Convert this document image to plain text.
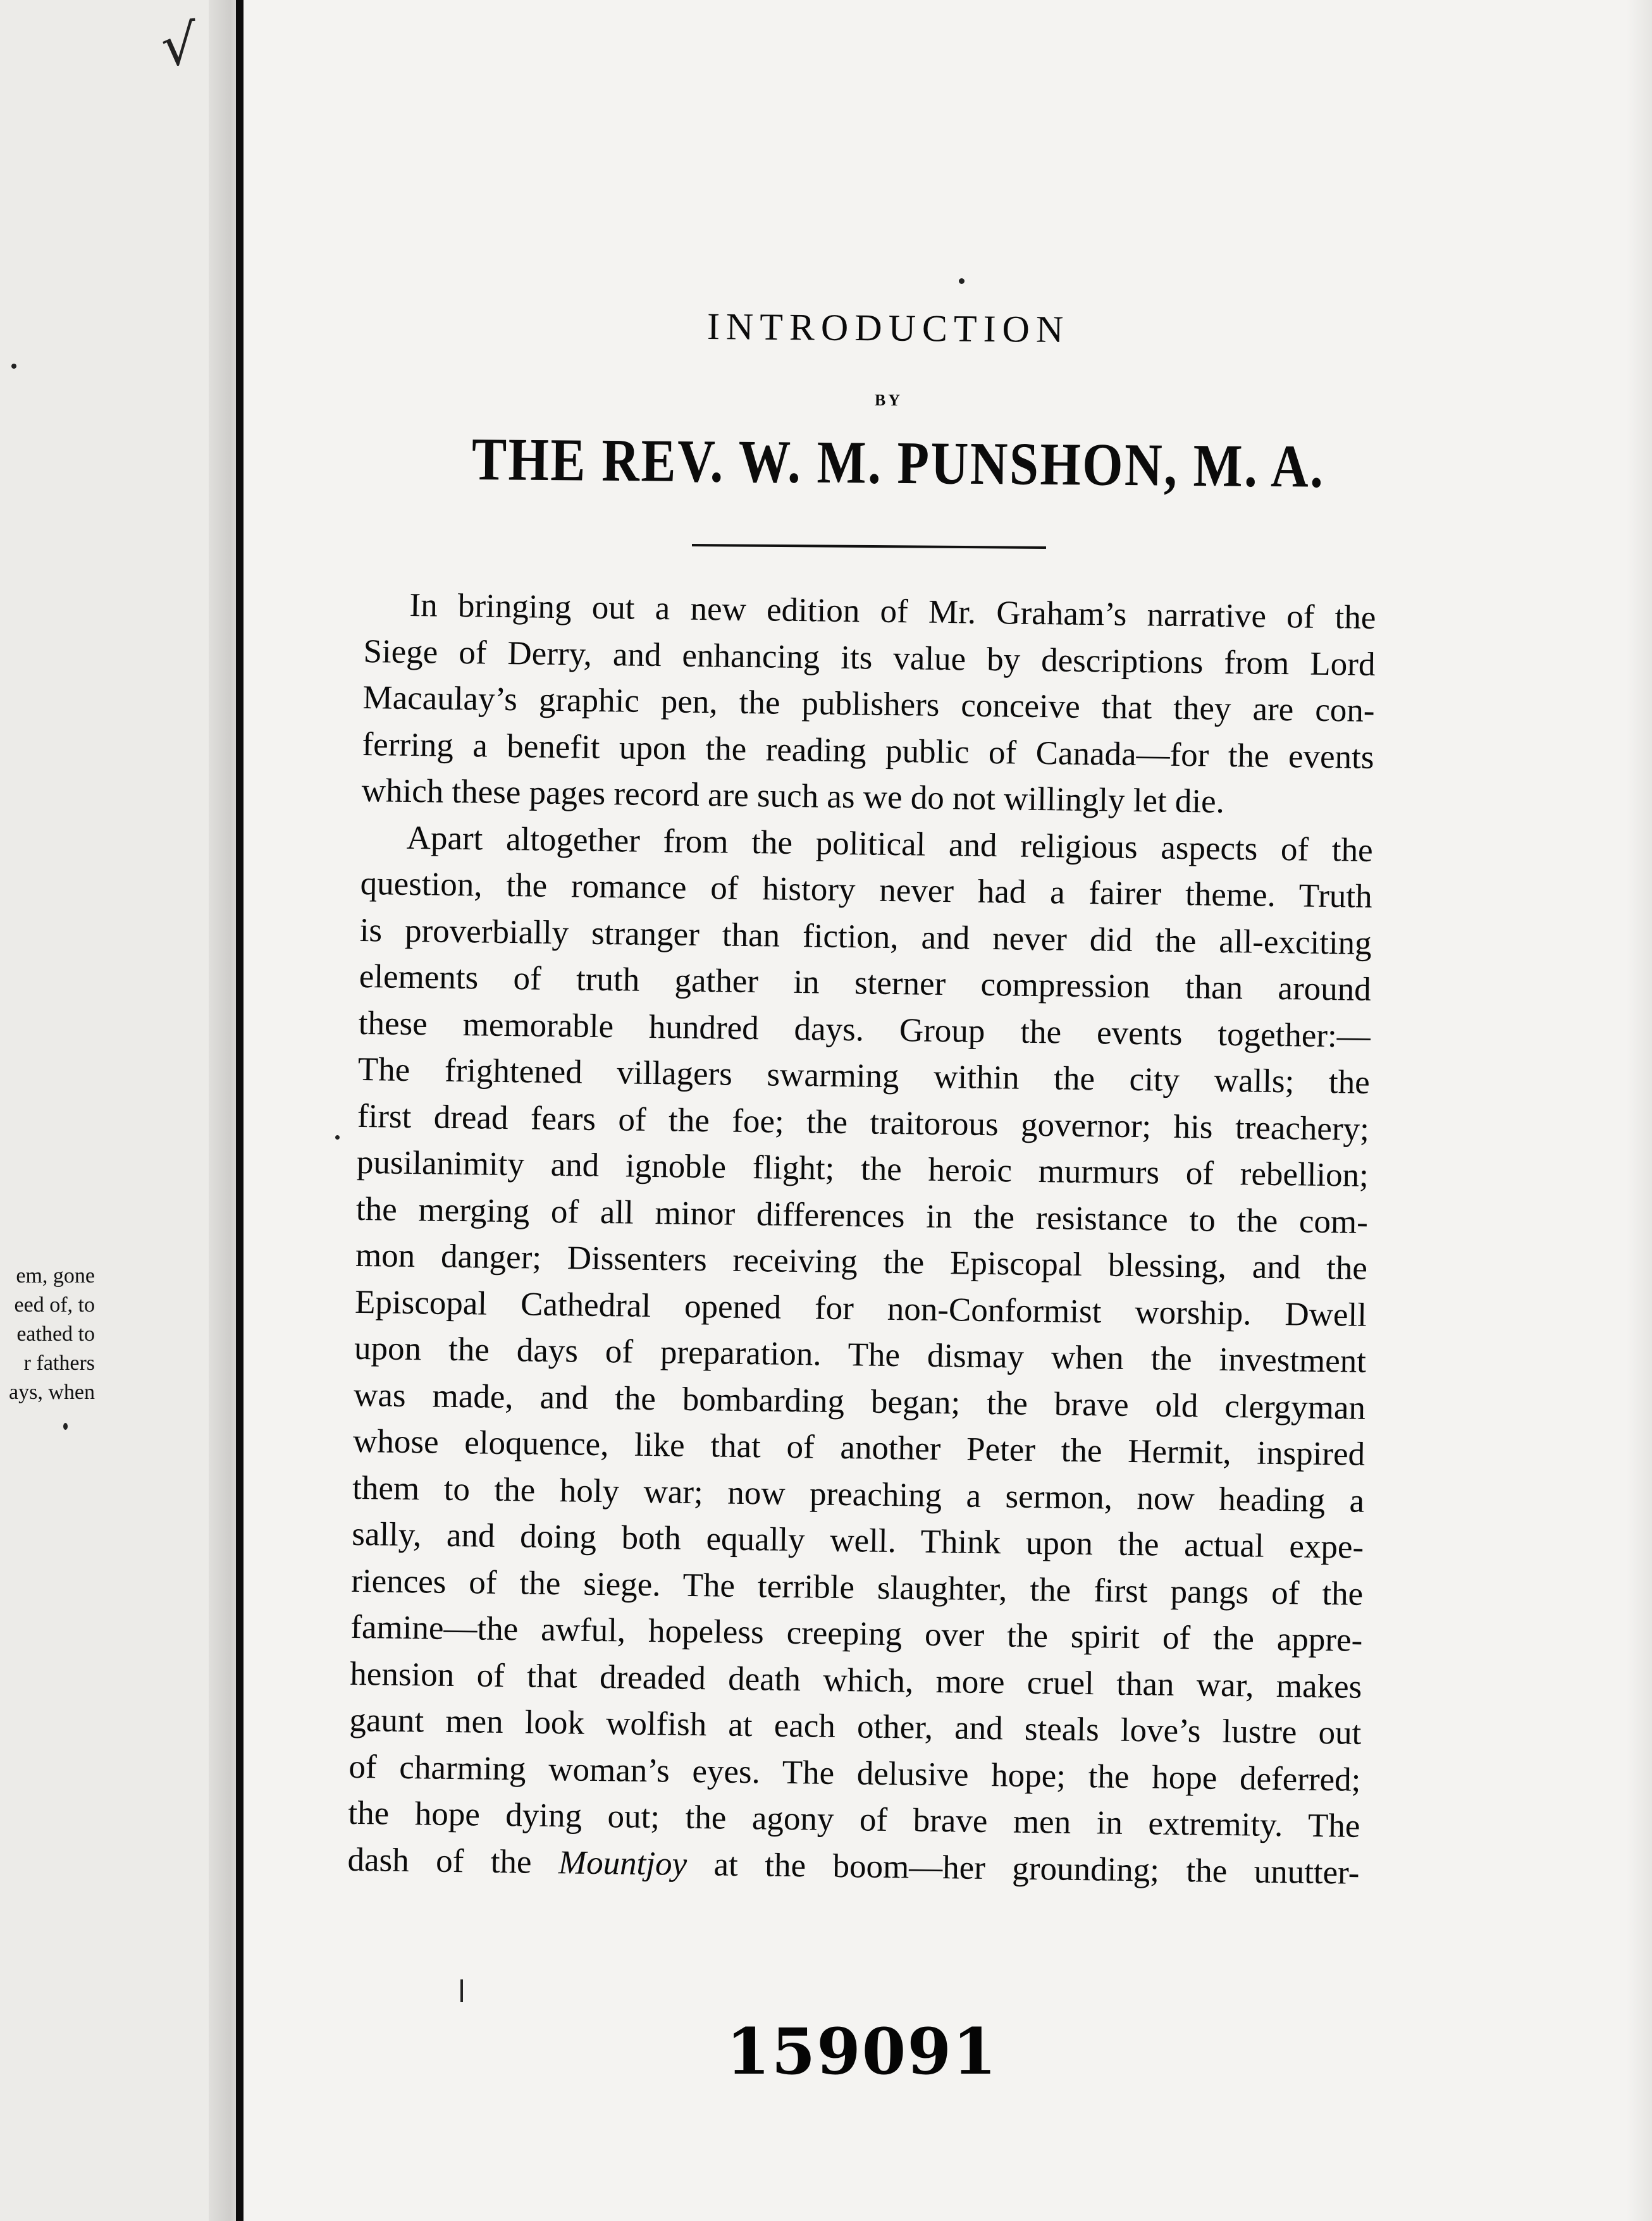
√
em, gone
eed of, to
eathed to
r fathers
ays, when
INTRODUCTION
BY
THE REV. W. M. PUNSHON, M. A.
In bringing out a new edition of Mr. Graham’s narrative of the
Siege of Derry, and enhancing its value by descriptions from Lord
Macaulay’s graphic pen, the publishers conceive that they are con-
ferring a benefit upon the reading public of Canada—for the events
which these pages record are such as we do not willingly let die.
Apart altogether from the political and religious aspects of the
question, the romance of history never had a fairer theme. Truth
is proverbially stranger than fiction, and never did the all-exciting
elements of truth gather in sterner compression than around
these memorable hundred days. Group the events together:—
The frightened villagers swarming within the city walls; the
first dread fears of the foe; the traitorous governor; his treachery;
pusilanimity and ignoble flight; the heroic murmurs of rebellion;
the merging of all minor differences in the resistance to the com-
mon danger; Dissenters receiving the Episcopal blessing, and the
Episcopal Cathedral opened for non-Conformist worship. Dwell
upon the days of preparation. The dismay when the investment
was made, and the bombarding began; the brave old clergyman
whose eloquence, like that of another Peter the Hermit, inspired
them to the holy war; now preaching a sermon, now heading a
sally, and doing both equally well. Think upon the actual expe-
riences of the siege. The terrible slaughter, the first pangs of the
famine—the awful, hopeless creeping over the spirit of the appre-
hension of that dreaded death which, more cruel than war, makes
gaunt men look wolfish at each other, and steals love’s lustre out
of charming woman’s eyes. The delusive hope; the hope deferred;
the hope dying out; the agony of brave men in extremity. The
dash of the Mountjoy at the boom—her grounding; the unutter-
159091
